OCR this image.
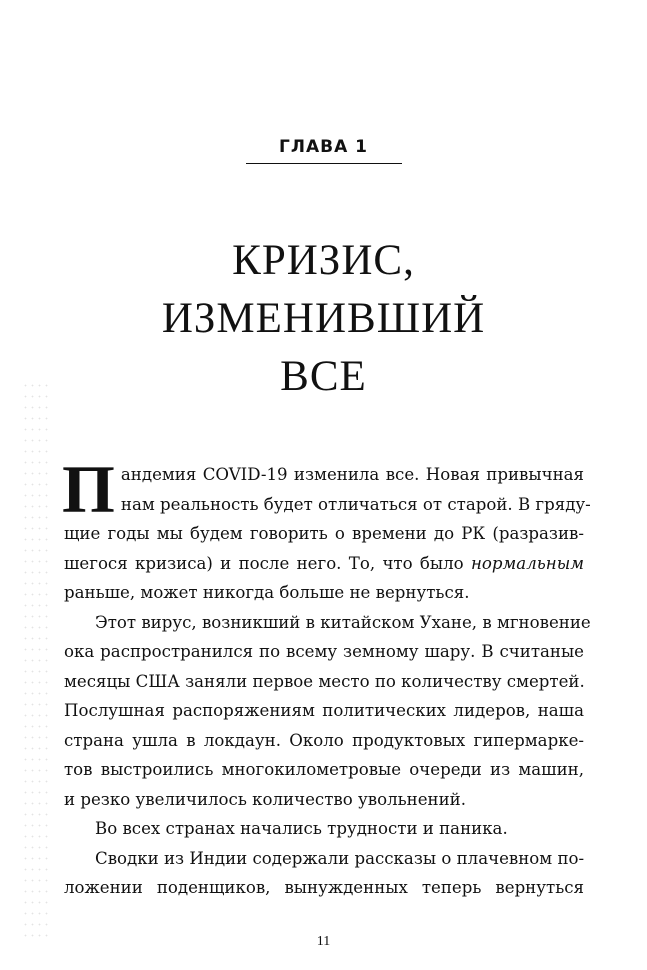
ГЛАВА 1
КРИЗИС,
ИЗМЕНИВШИЙ
ВСЕ
П андемия COVID-19 изменила все. Новая привычная
нам реальность будет отличаться от старой. В гряду-
щие годы мы будем говорить о времени до РК (разразив-
шегося кризиса) и после него. То, что было нормальным
раньше, может никогда больше не вернуться.
Этот вирус, возникший в китайском Ухане, в мгновение
ока распространился по всему земному шару. В считаные
месяцы США заняли первое место по количеству смертей.
Послушная распоряжениям политических лидеров, наша
страна ушла в локдаун. Около продуктовых гипермарке-
тов выстроились многокилометровые очереди из машин,
и резко увеличилось количество увольнений.
Во всех странах начались трудности и паника.
Сводки из Индии содержали рассказы о плачевном по-
ложении поденщиков, вынужденных теперь вернуться
11
